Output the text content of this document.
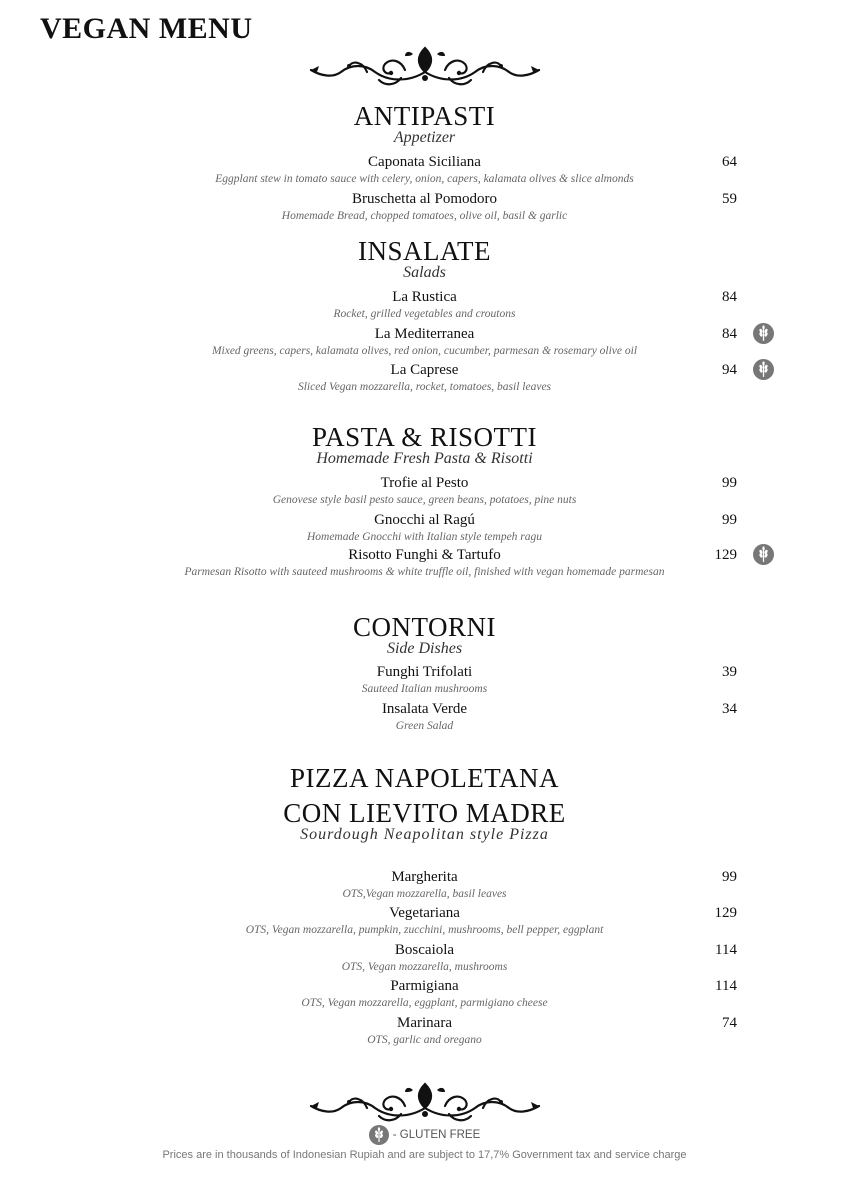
VEGAN MENU
ANTIPASTI
Appetizer
Caponata Siciliana
Eggplant stew in tomato sauce with celery, onion, capers, kalamata olives & slice almonds
64
Bruschetta al Pomodoro
Homemade Bread, chopped tomatoes, olive oil, basil & garlic
59
INSALATE
Salads
La Rustica
Rocket, grilled vegetables and croutons
84
La Mediterranea
Mixed greens, capers, kalamata olives, red onion, cucumber, parmesan & rosemary olive oil
84
La Caprese
Sliced Vegan mozzarella, rocket, tomatoes, basil leaves
94
PASTA & RISOTTI
Homemade Fresh Pasta & Risotti
Trofie al Pesto
Genovese style basil pesto sauce, green beans, potatoes, pine nuts
99
Gnocchi al Ragú
Homemade Gnocchi with Italian style tempeh ragu
99
Risotto Funghi & Tartufo
Parmesan Risotto with sauteed mushrooms & white truffle oil, finished with vegan homemade parmesan
129
CONTORNI
Side Dishes
Funghi Trifolati
Sauteed Italian mushrooms
39
Insalata Verde
Green Salad
34
PIZZA NAPOLETANA
CON LIEVITO MADRE
Sourdough Neapolitan style Pizza
Margherita
OTS,Vegan mozzarella, basil leaves
99
Vegetariana
OTS, Vegan mozzarella, pumpkin, zucchini, mushrooms, bell pepper, eggplant
129
Boscaiola
OTS, Vegan mozzarella, mushrooms
114
Parmigiana
OTS, Vegan mozzarella, eggplant, parmigiano cheese
114
Marinara
OTS, garlic and oregano
74
- GLUTEN FREE
Prices are in thousands of Indonesian Rupiah and are subject to 17,7% Government tax and service charge
